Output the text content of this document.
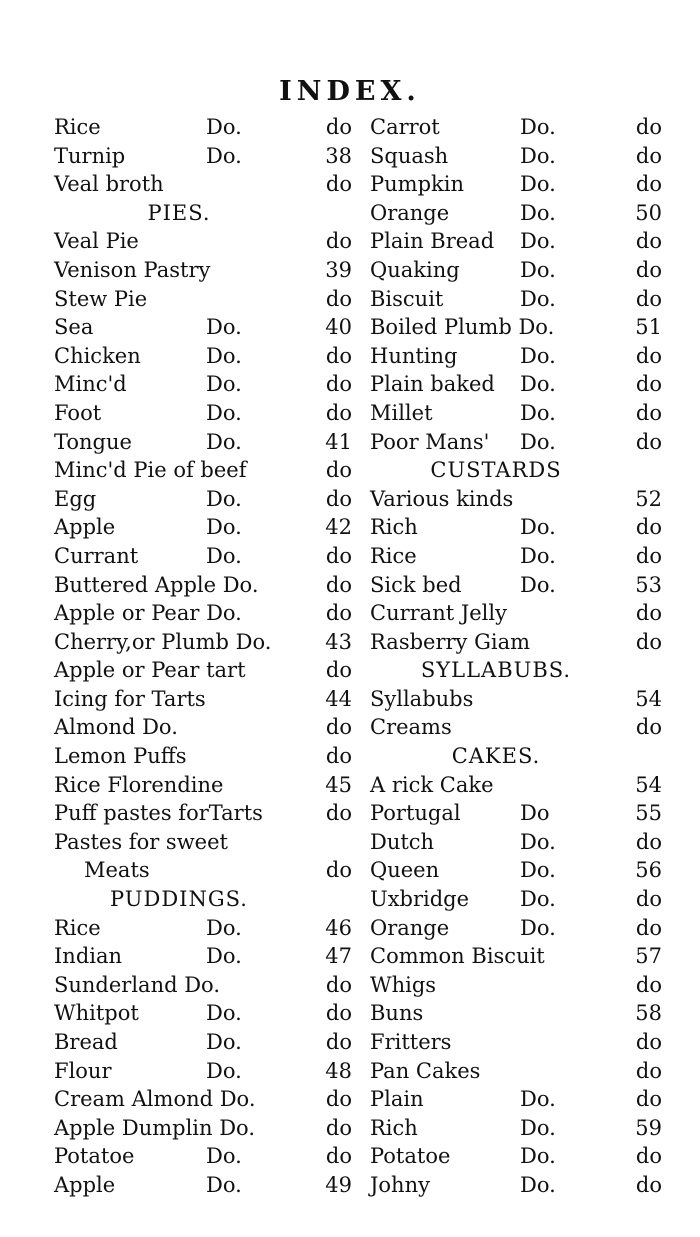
INDEX.
Rice	Do.	do
Turnip	Do.	38
Veal broth	do
PIES.
Veal Pie	do
Venison Pastry	39
Stew Pie	do
Sea	Do.	40
Chicken	Do.	do
Minc'd	Do.	do
Foot	Do.	do
Tongue	Do.	41
Minc'd Pie of beef	do
Egg	Do.	do
Apple	Do.	42
Currant	Do.	do
Buttered Apple Do.	do
Apple or Pear Do.	do
Cherry,or Plumb Do.	43
Apple or Pear tart	do
Icing for Tarts	44
Almond Do.	do
Lemon Puffs	do
Rice Florendine	45
Puff pastes forTarts	do
Pastes for sweet
Meats	do
PUDDINGS.
Rice	Do.	46
Indian	Do.	47
Sunderland Do.	do
Whitpot	Do.	do
Bread	Do.	do
Flour	Do.	48
Cream Almond Do.	do
Apple Dumplin Do.	do
Potatoe	Do.	do
Apple	Do.	49
Carrot	Do.	do
Squash	Do.	do
Pumpkin	Do.	do
Orange	Do.	50
Plain Bread Do.	do
Quaking	Do.	do
Biscuit	Do.	do
Boiled Plumb Do.	51
Hunting	Do.	do
Plain baked Do.	do
Millet	Do.	do
Poor Mans' Do.	do
CUSTARDS
Various kinds	52
Rich	Do.	do
Rice	Do.	do
Sick bed	Do.	53
Currant Jelly	do
Rasberry Giam	do
SYLLABUBS.
Syllabubs	54
Creams	do
CAKES.
A rick Cake	54
Portugal	Do	55
Dutch	Do.	do
Queen	Do.	56
Uxbridge Do.	do
Orange	Do.	do
Common Biscuit	57
Whigs	do
Buns	58
Fritters	do
Pan Cakes	do
Plain	Do.	do
Rich	Do.	59
Potatoe	Do.	do
Johny	Do.	do
